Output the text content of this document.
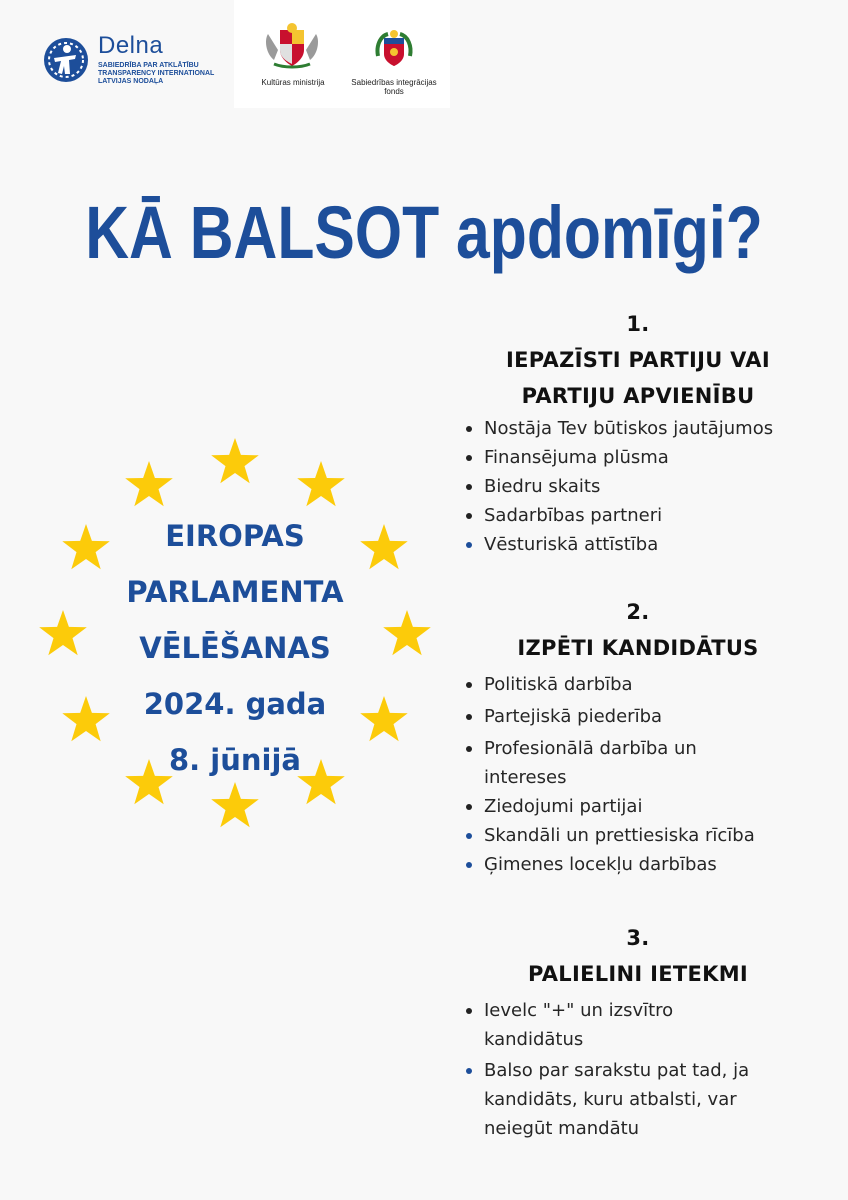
Delna
SABIEDRĪBA PAR ATKLĀTĪBU
TRANSPARENCY INTERNATIONAL
LATVIJAS NODAĻA	Kultūras ministrija	Sabiedrības integrācijas
fonds
KĀ BALSOT apdomīgi?
EIROPAS
PARLAMENTA
VĒLĒŠANAS
2024. gada
8. jūnijā
1.
IEPAZĪSTI PARTIJU VAI
PARTIJU APVIENĪBU
Nostāja Tev būtiskos jautājumos
Finansējuma plūsma
Biedru skaits
Sadarbības partneri
Vēsturiskā attīstība
2.
IZPĒTI KANDIDĀTUS
Politiskā darbība
Partejiskā piederība
Profesionālā darbība un intereses
Ziedojumi partijai
Skandāli un prettiesiska rīcība
Ģimenes locekļu darbības
3.
PALIELINI IETEKMI
Ievelc "+" un izsvītro kandidātus
Balso par sarakstu pat tad, ja kandidāts, kuru atbalsti, var neiegūt mandātu
